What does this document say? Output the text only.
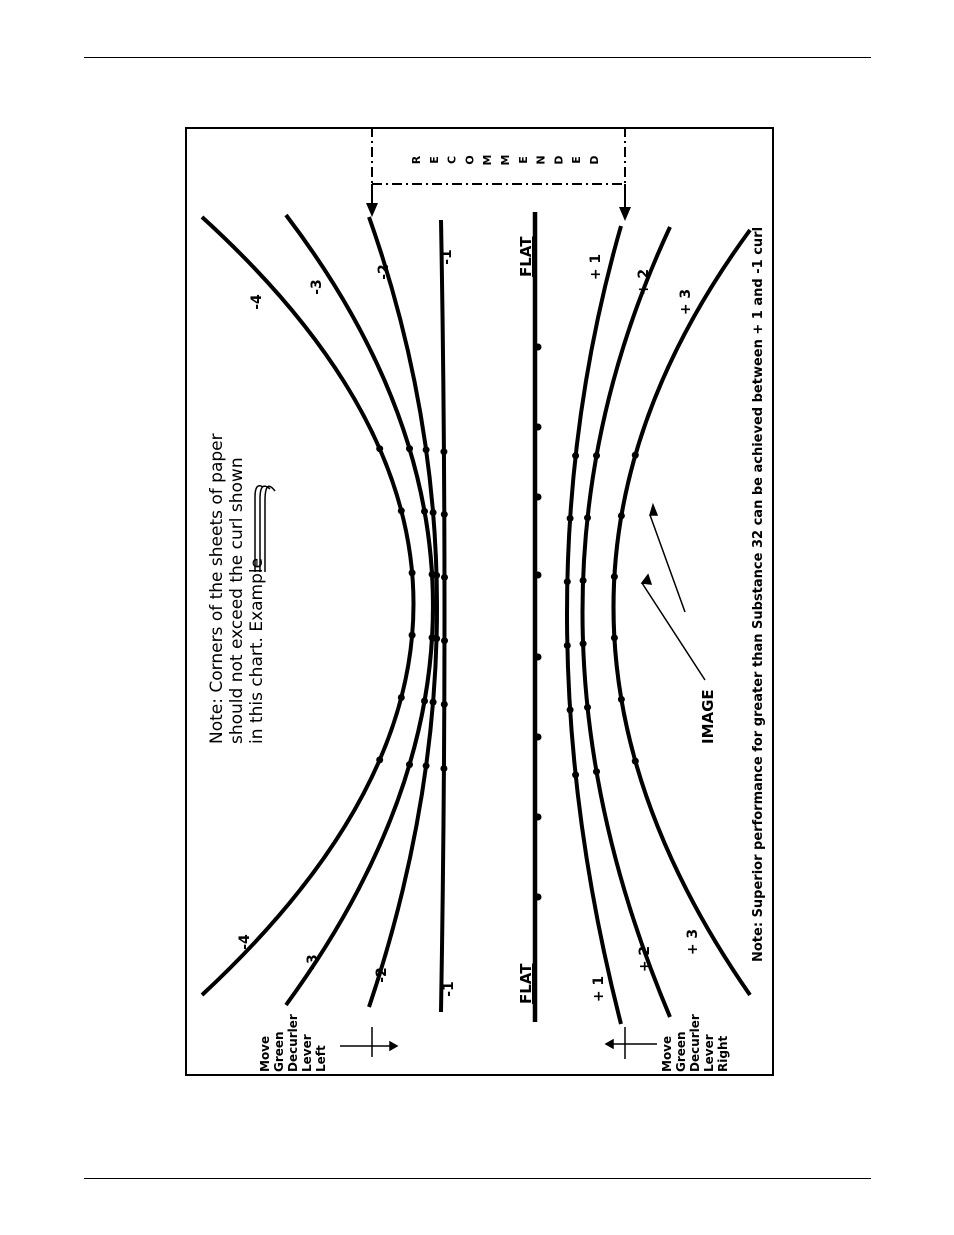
R E C O M M E N D E D
-4
-4
-3
-3
-2
-2
-1
-1
+ 1
+ 1
+ 2
+ 2
+ 3
+ 3
Note: Corners of the sheets of paper should not exceed the curl shown in this chart. Example	IMAGE	Note: Superior performance for greater than Substance 32 can be achieved between + 1 and -1 curl
FLAT
FLAT
Move Green Decurler Lever Left	Move Green Decurler Lever Right
